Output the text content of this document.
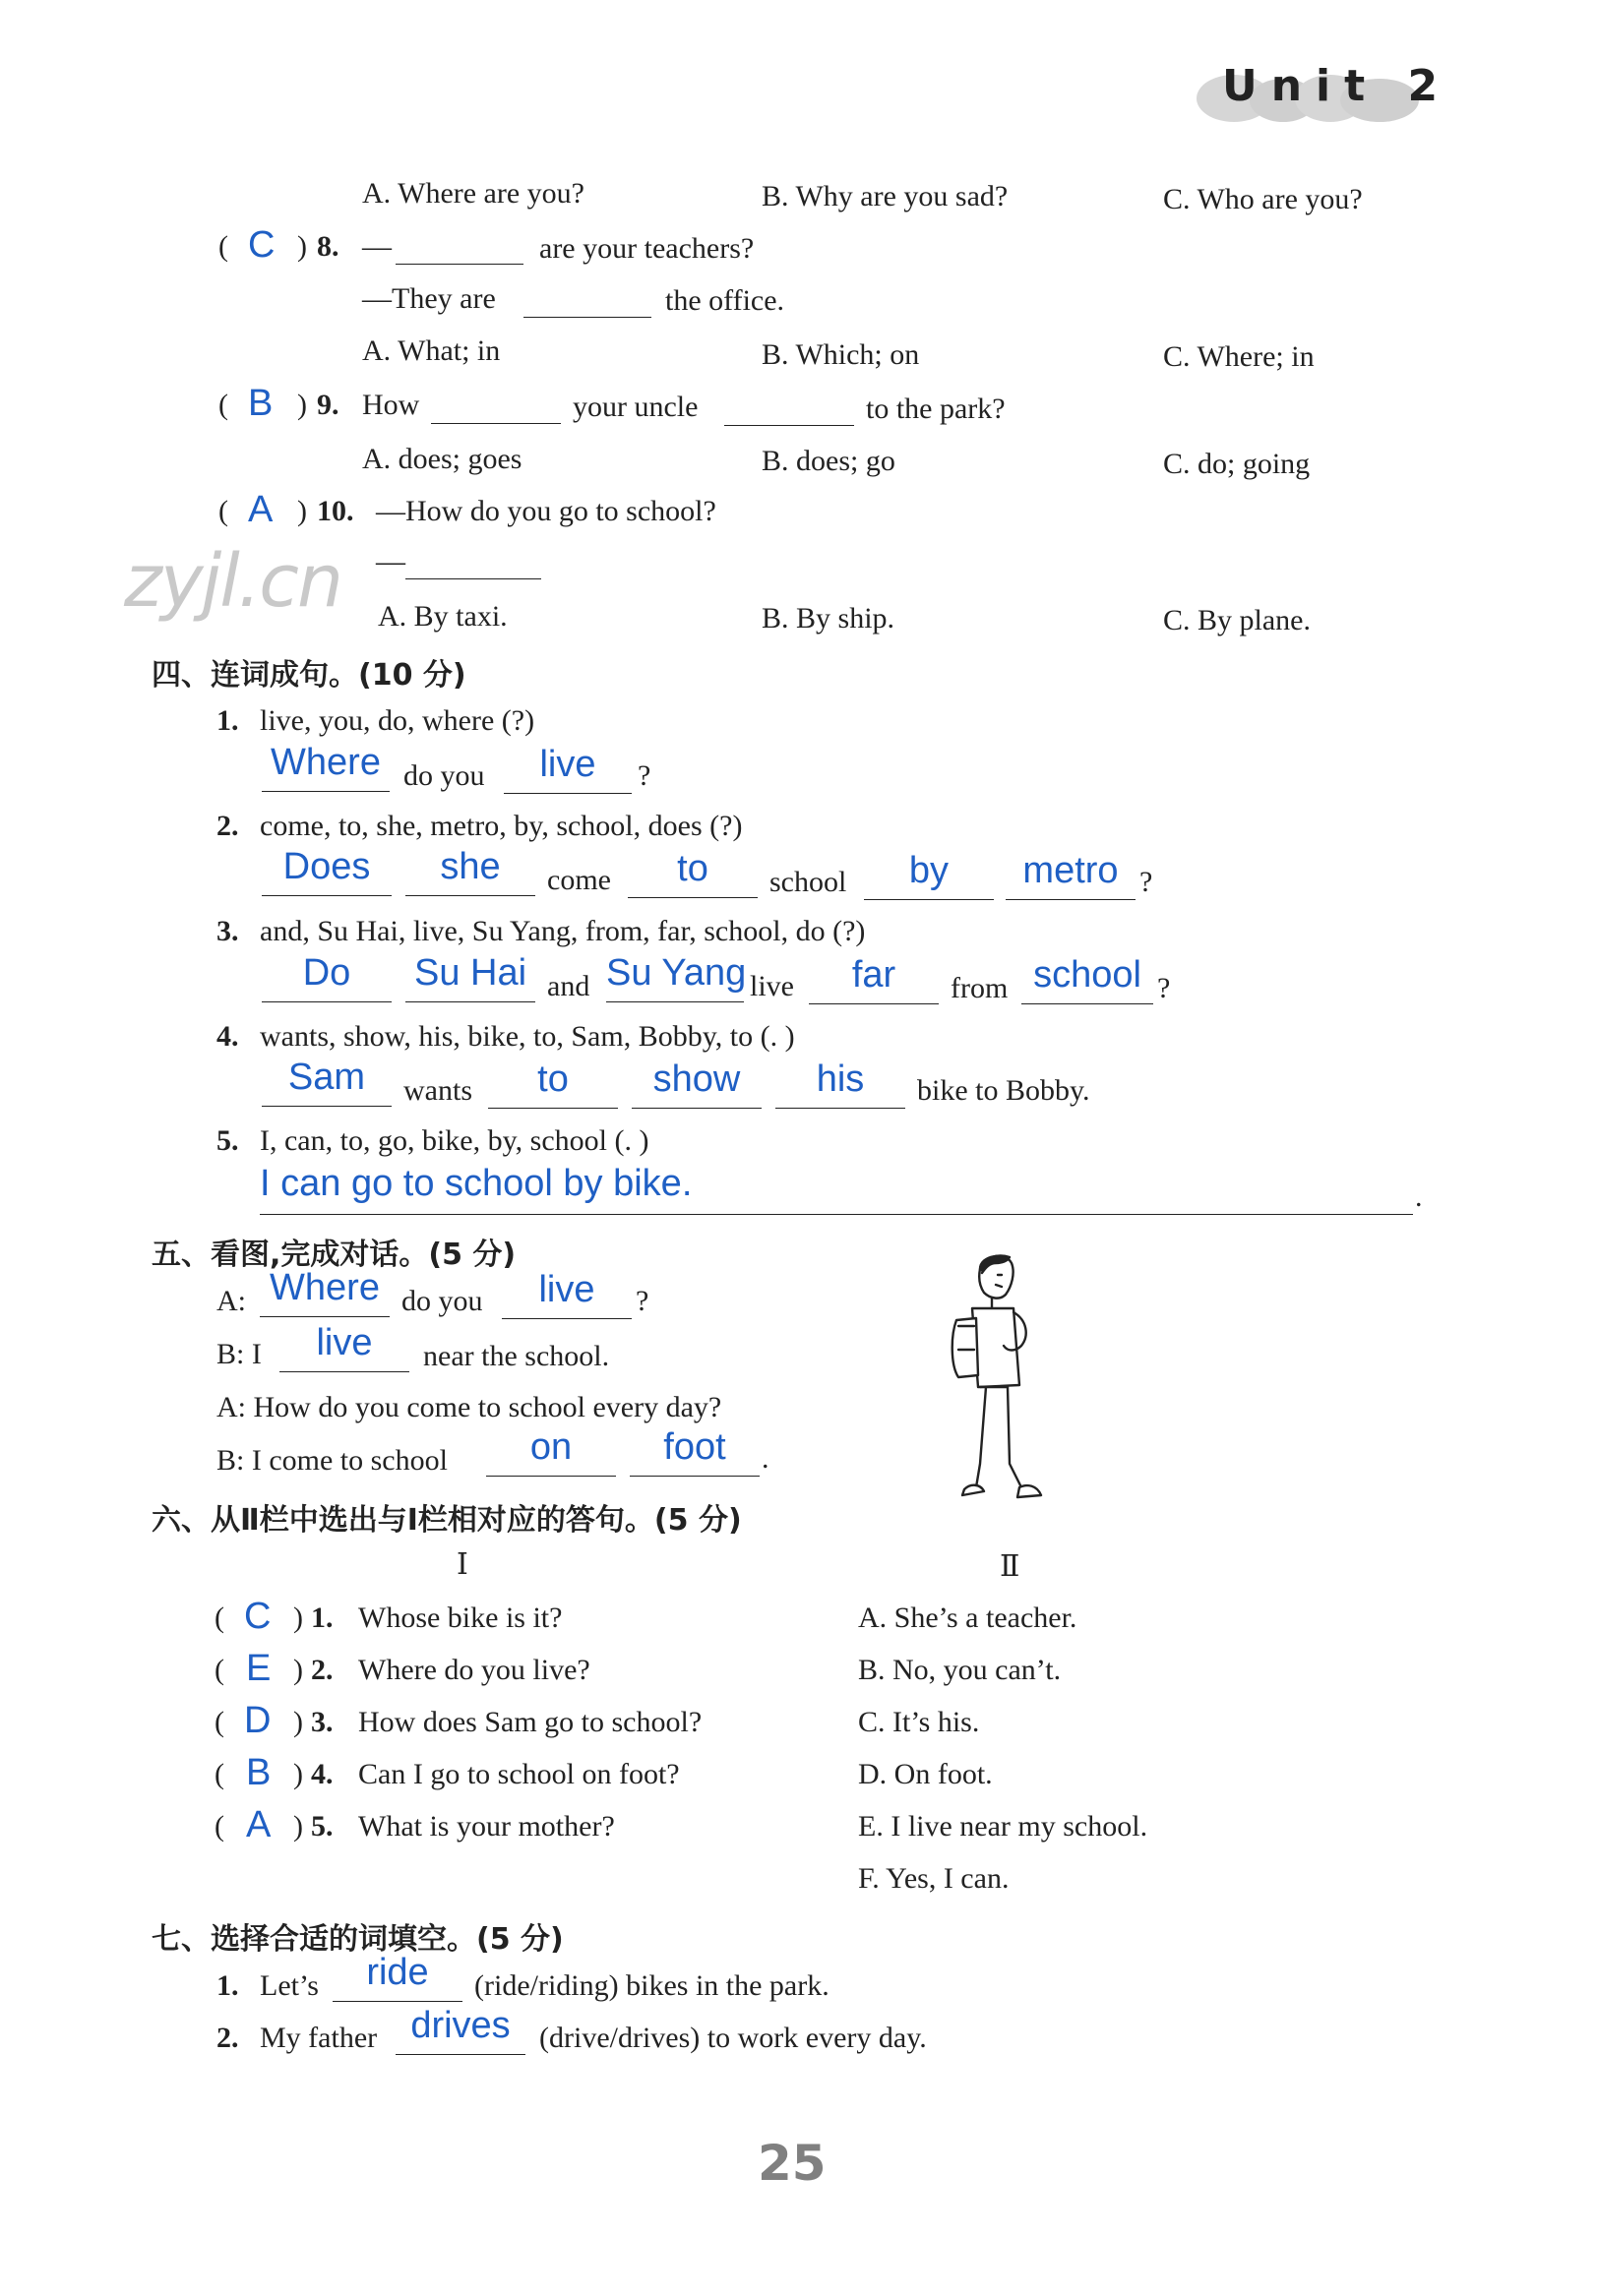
Unit 2
zyjl.cn
A. Where are you?	B. Why are you sad?	C. Who are you?
( C ) 8. —	are your teachers?
—They are	the office.
A. What; in	B. Which; on	C. Where; in
( B ) 9. How	your uncle	to the park?
A. does; goes	B. does; go	C. do; going
( A ) 10. —How do you go to school?
—
A. By taxi.	B. By ship.	C. By plane.
四、连词成句。(10 分)
1. live, you, do, where (?)
Where do you	live	?
2. come, to, she, metro, by, school, does (?)
Does	she	come	to	school	by	metro ?
3. and, Su Hai, live, Su Yang, from, far, school, do (?)
Do	Su Hai and Su Yang live	far	from school ?
4. wants, show, his, bike, to, Sam, Bobby, to (. )
Sam	wants	to	show	his	bike to Bobby.
5. I, can, to, go, bike, by, school (. )
I can go to school by bike.	.
五、看图,完成对话。(5 分)
A: Where do you	live	?
B: I	live	near the school.
A: How do you come to school every day?
B: I come to school	on	foot	.
六、从Ⅱ栏中选出与Ⅰ栏相对应的答句。(5 分)
Ⅰ	Ⅱ
( C ) 1. Whose bike is it?
( E ) 2. Where do you live?
( D ) 3. How does Sam go to school?
( B ) 4. Can I go to school on foot?
( A ) 5. What is your mother?
A. She’s a teacher.
B. No, you can’t.
C. It’s his.
D. On foot.
E. I live near my school.
F. Yes, I can.
七、选择合适的词填空。(5 分)
1. Let’s	ride	(ride/riding) bikes in the park.
2. My father drives (drive/drives) to work every day.
25
